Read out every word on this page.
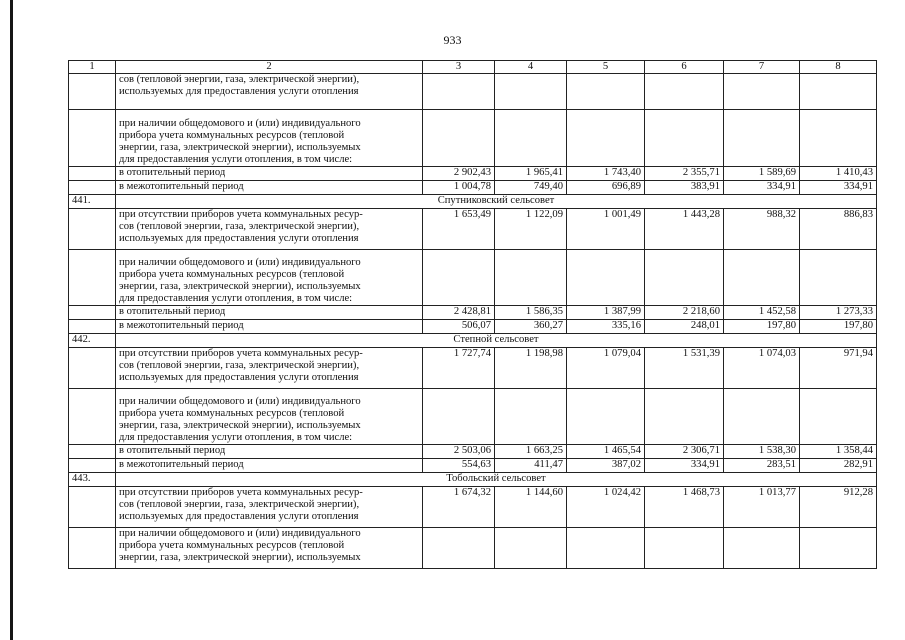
933
1	2	3	4	5	6	7	8

	сов (тепловой энергии, газа, электрической энергии),
используемых для предоставления услуги отопления						

	при наличии общедомового и (или) индивидуального
прибора учета коммунальных ресурсов (тепловой
энергии, газа, электрической энергии), используемых
для предоставления услуги отопления, в том числе:						

	в отопительный период	2 902,43	1 965,41	1 743,40	2 355,71	1 589,69	1 410,43
	в межотопительный период	1 004,78	749,40	696,89	383,91	334,91	334,91
441.	Спутниковский сельсовет						

	при отсутствии приборов учета коммунальных ресур-
сов (тепловой энергии, газа, электрической энергии),
используемых для предоставления услуги отопления	1 653,49	1 122,09	1 001,49	1 443,28	988,32	886,83

	при наличии общедомового и (или) индивидуального
прибора учета коммунальных ресурсов (тепловой
энергии, газа, электрической энергии), используемых
для предоставления услуги отопления, в том числе:						

	в отопительный период	2 428,81	1 586,35	1 387,99	2 218,60	1 452,58	1 273,33
	в межотопительный период	506,07	360,27	335,16	248,01	197,80	197,80
442.	Степной сельсовет						

	при отсутствии приборов учета коммунальных ресур-
сов (тепловой энергии, газа, электрической энергии),
используемых для предоставления услуги отопления	1 727,74	1 198,98	1 079,04	1 531,39	1 074,03	971,94

	при наличии общедомового и (или) индивидуального
прибора учета коммунальных ресурсов (тепловой
энергии, газа, электрической энергии), используемых
для предоставления услуги отопления, в том числе:						

	в отопительный период	2 503,06	1 663,25	1 465,54	2 306,71	1 538,30	1 358,44
	в межотопительный период	554,63	411,47	387,02	334,91	283,51	282,91
443.	Тобольский сельсовет						

	при отсутствии приборов учета коммунальных ресур-
сов (тепловой энергии, газа, электрической энергии),
используемых для предоставления услуги отопления	1 674,32	1 144,60	1 024,42	1 468,73	1 013,77	912,28

	при наличии общедомового и (или) индивидуального
прибора учета коммунальных ресурсов (тепловой
энергии, газа, электрической энергии), используемых						
